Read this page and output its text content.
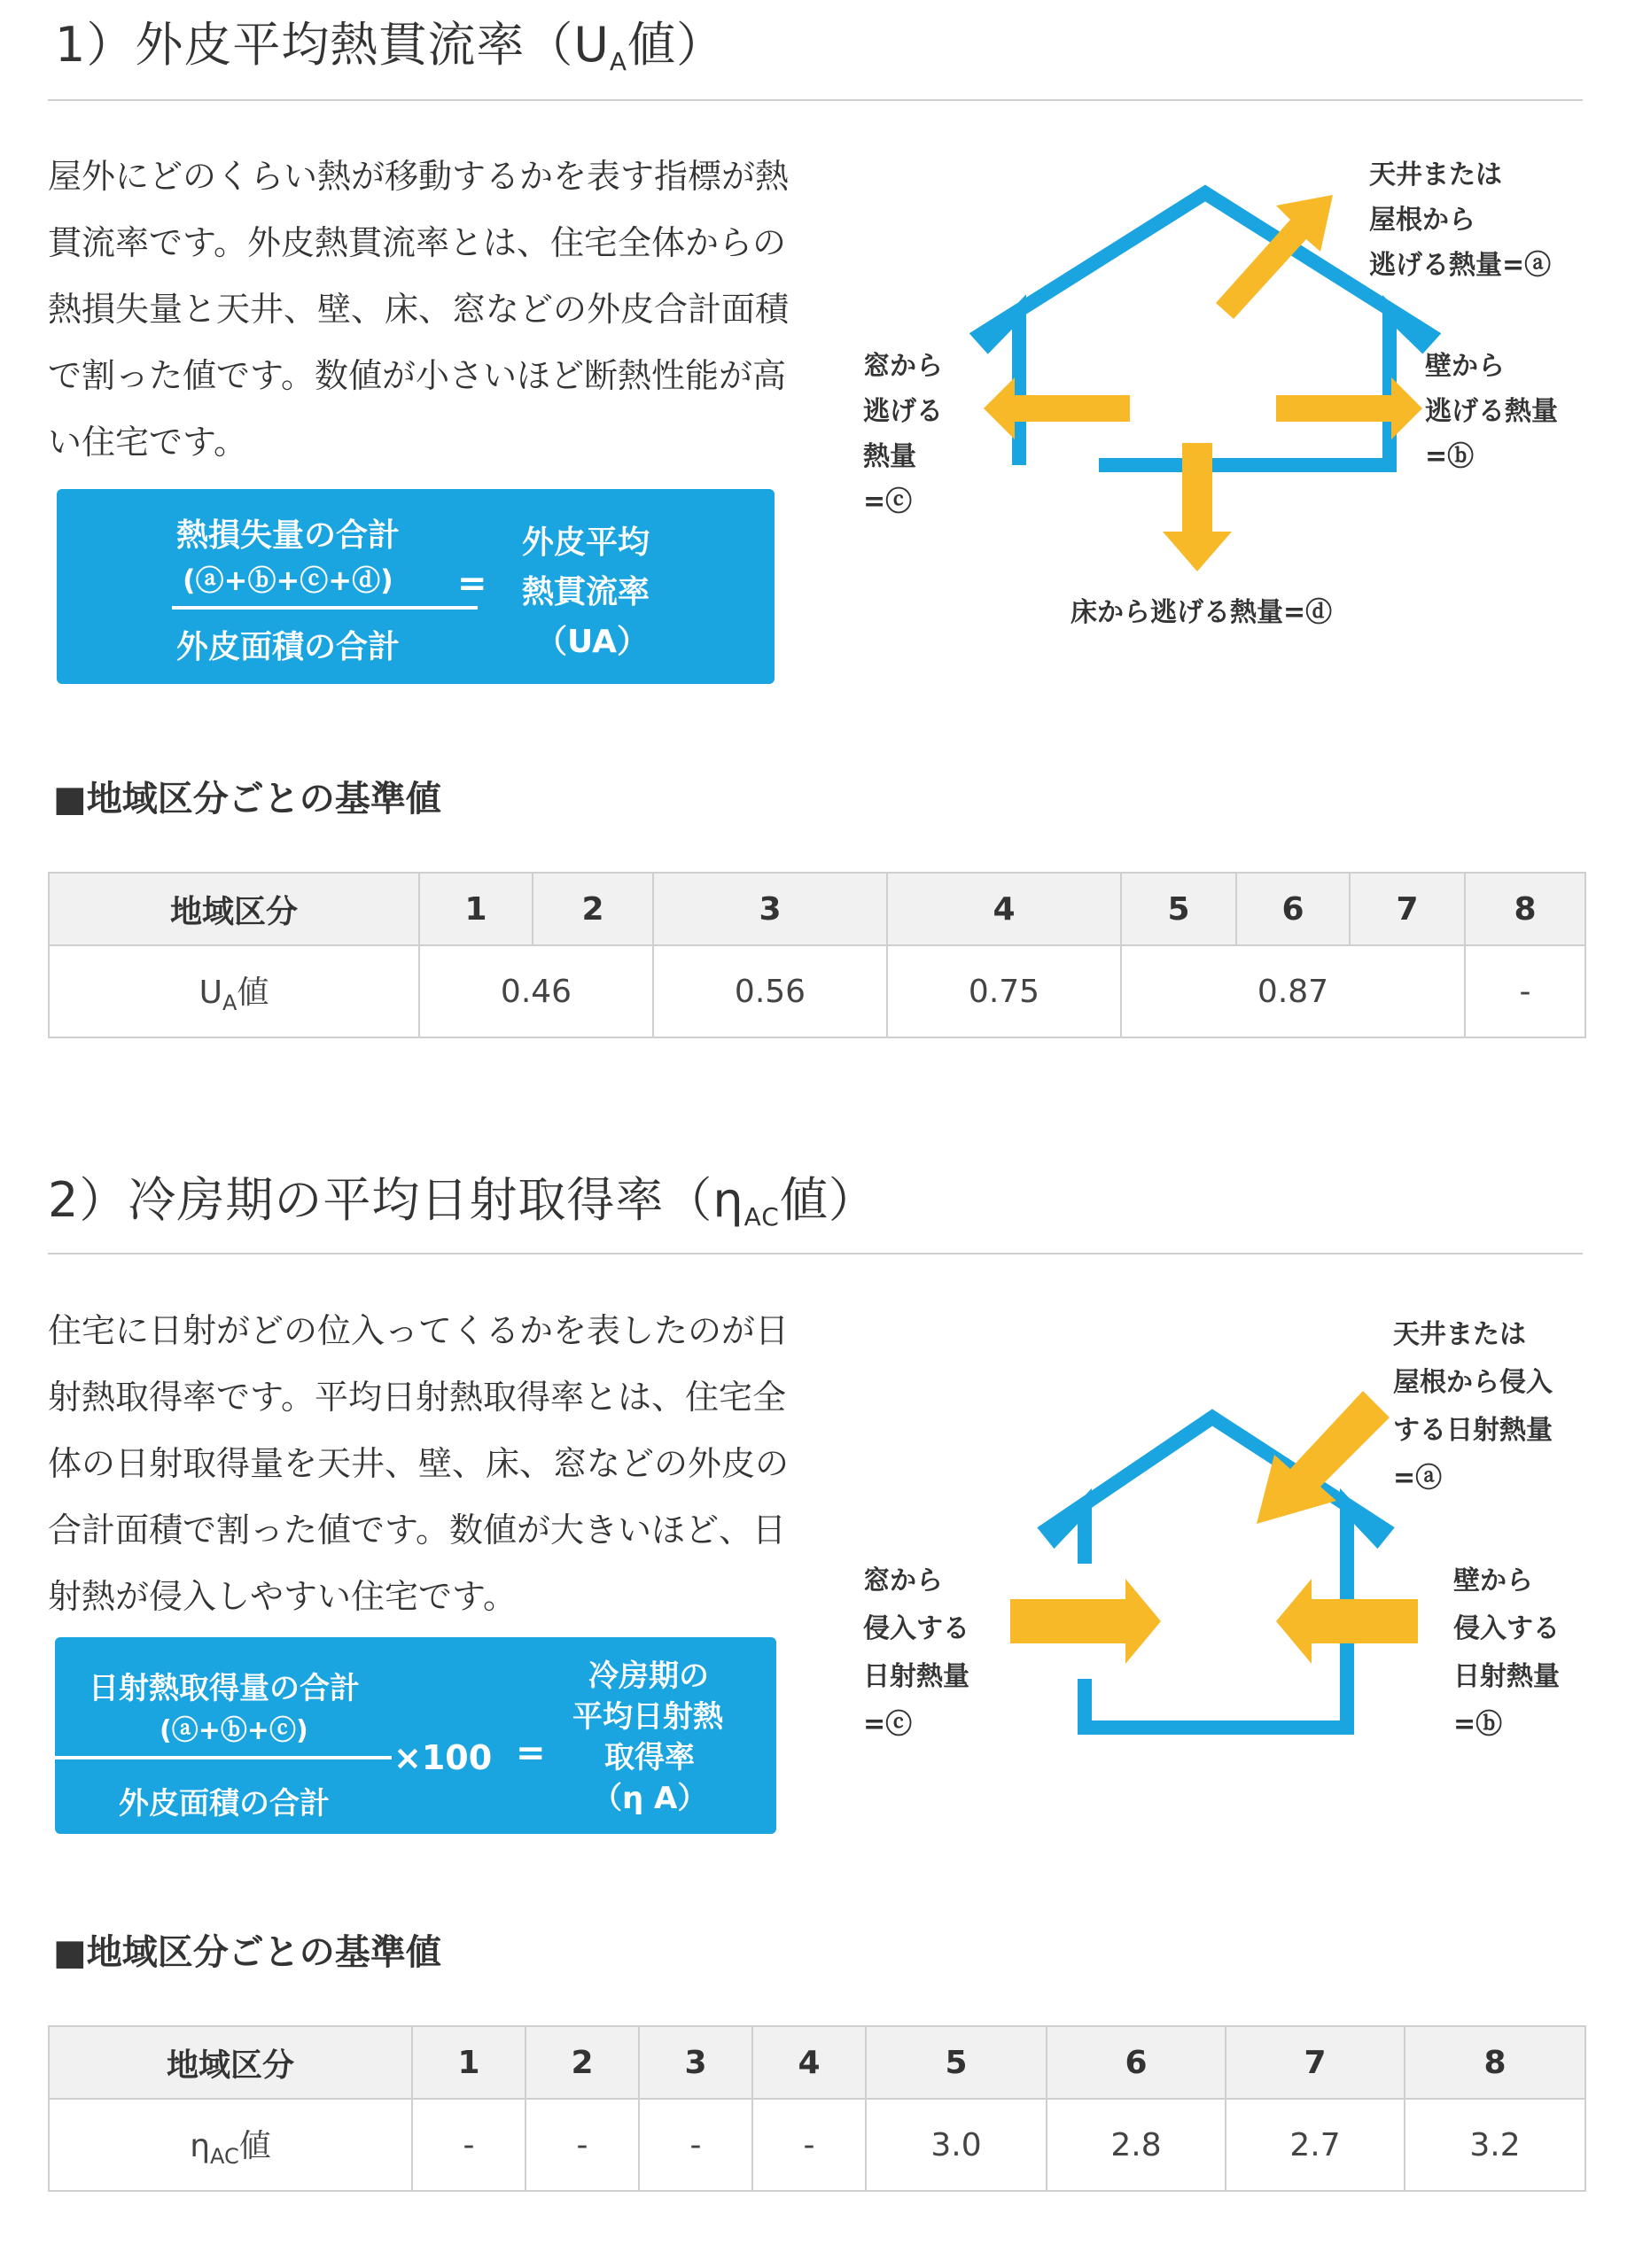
1）外皮平均熱貫流率（$U_A$値）
屋外にどのくらい熱が移動するかを表す指標が熱貫流率です。外皮熱貫流率とは、住宅全体からの熱損失量と天井、壁、床、窓などの外皮合計面積で割った値です。数値が小さいほど断熱性能が高い住宅です。
熱損失量の合計
(ⓐ+ⓑ+ⓒ+ⓓ)
外皮面積の合計
=
外皮平均
熱貫流率
（UA）
天井または
屋根から
逃げる熱量=ⓐ
壁から
逃げる熱量
=ⓑ
窓から
逃げる
熱量
=ⓒ
床から逃げる熱量=ⓓ
■地域区分ごとの基準値
地域区分	1	2	3	4	5	6	7	8
$U_A$値	0.46		0.56	0.75	0.87			-
2）冷房期の平均日射取得率（$\eta_{AC}$値）
住宅に日射がどの位入ってくるかを表したのが日射熱取得率です。平均日射熱取得率とは、住宅全体の日射取得量を天井、壁、床、窓などの外皮の合計面積で割った値です。数値が大きいほど、日射熱が侵入しやすい住宅です。
日射熱取得量の合計
(ⓐ+ⓑ+ⓒ)
×100
外皮面積の合計
=
冷房期の
平均日射熱
取得率
（η A）
天井または
屋根から侵入
する日射熱量
=ⓐ
壁から
侵入する
日射熱量
=ⓑ
窓から
侵入する
日射熱量
=ⓒ
■地域区分ごとの基準値
地域区分	1	2	3	4	5	6	7	8
$\eta_{AC}$値	-	-	-	-	3.0	2.8	2.7	3.2
